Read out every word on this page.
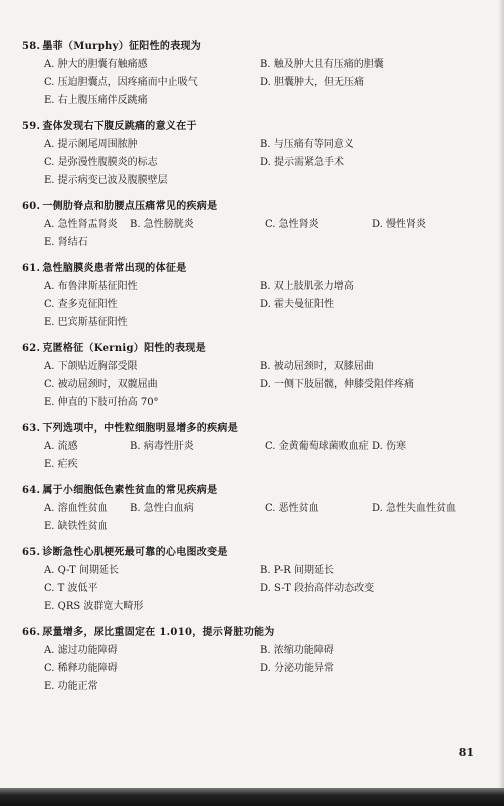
58. 墨菲（Murphy）征阳性的表现为
A. 肿大的胆囊有触痛感	B. 触及肿大且有压痛的胆囊
C. 压迫胆囊点，因疼痛而中止吸气	D. 胆囊肿大，但无压痛
E. 右上腹压痛伴反跳痛
59. 查体发现右下腹反跳痛的意义在于
A. 提示阑尾周围脓肿	B. 与压痛有等同意义
C. 是弥漫性腹膜炎的标志	D. 提示需紧急手术
E. 提示病变已波及腹膜壁层
60. 一侧肋脊点和肋腰点压痛常见的疾病是
A. 急性肾盂肾炎 B. 急性膀胱炎	C. 急性肾炎	D. 慢性肾炎
E. 肾结石
61. 急性脑膜炎患者常出现的体征是
A. 布鲁津斯基征阳性	B. 双上肢肌张力增高
C. 查多克征阳性	D. 霍夫曼征阳性
E. 巴宾斯基征阳性
62. 克匿格征（Kernig）阳性的表现是
A. 下颌贴近胸部受限	B. 被动屈颈时，双膝屈曲
C. 被动屈颈时，双髋屈曲	D. 一侧下肢屈髋，伸膝受阻伴疼痛
E. 伸直的下肢可抬高 70°
63. 下列选项中，中性粒细胞明显增多的疾病是
A. 流感	B. 病毒性肝炎	C. 金黄葡萄球菌败血症 D. 伤寒
E. 疟疾
64. 属于小细胞低色素性贫血的常见疾病是
A. 溶血性贫血 B. 急性白血病	C. 恶性贫血	D. 急性失血性贫血
E. 缺铁性贫血
65. 诊断急性心肌梗死最可靠的心电图改变是
A. Q-T 间期延长	B. P-R 间期延长
C. T 波低平	D. S-T 段抬高伴动态改变
E. QRS 波群宽大畸形
66. 尿量增多，尿比重固定在 1.010，提示肾脏功能为
A. 滤过功能障碍	B. 浓缩功能障碍
C. 稀释功能障碍	D. 分泌功能异常
E. 功能正常
81
